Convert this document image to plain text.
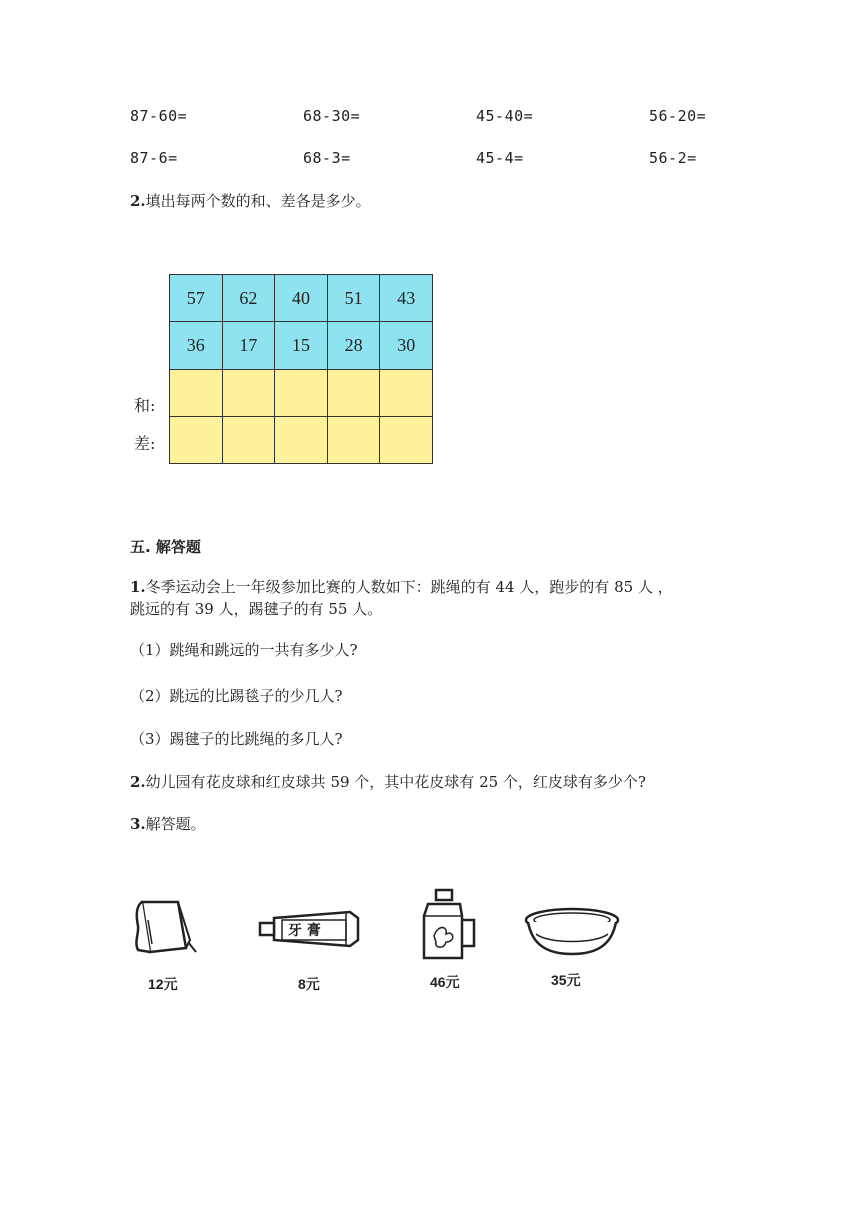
87-60=	68-30=	45-40=	56-20=
87-6=	68-3=	45-4=	56-2=
2.填出每两个数的和、差各是多少。
57	62	40	51	43
36	17	15	28	30

和:
差:
五. 解答题
1.冬季运动会上一年级参加比赛的人数如下：跳绳的有 44 人，跑步的有 85 人 ，
跳远的有 39 人，踢毽子的有 55 人。
（1）跳绳和跳远的一共有多少人?
（2）跳远的比踢毯子的少几人?
（3）踢毽子的比跳绳的多几人?
2.幼儿园有花皮球和红皮球共 59 个，其中花皮球有 25 个，红皮球有多少个?
3.解答题。
12元
牙 膏
8元	46元	35元
